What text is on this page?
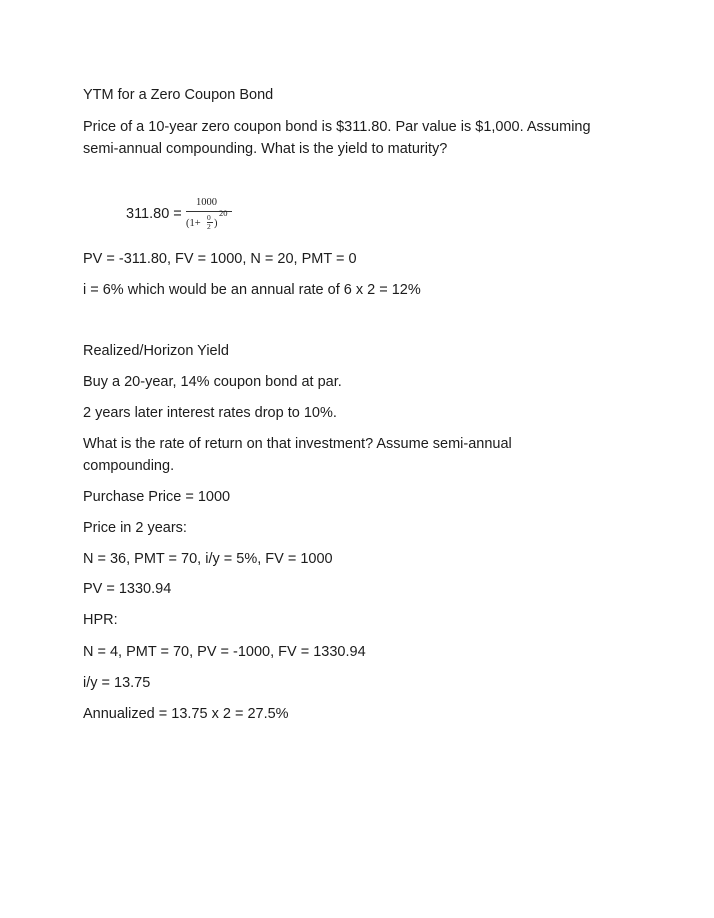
YTM for a Zero Coupon Bond

Price of a 10-year zero coupon bond is $311.80. Par value is $1,000. Assuming semi-annual compounding. What is the yield to maturity?

311.80 =
1000
(1+
0
2 )
20

PV = -311.80, FV = 1000, N = 20, PMT = 0

i = 6% which would be an annual rate of 6 x 2 = 12%

Realized/Horizon Yield

Buy a 20-year, 14% coupon bond at par.

2 years later interest rates drop to 10%.

What is the rate of return on that investment? Assume semi-annual compounding.

Purchase Price = 1000

Price in 2 years:

N = 36, PMT = 70, i/y = 5%, FV = 1000

PV = 1330.94

HPR:

N = 4, PMT = 70, PV = -1000, FV = 1330.94

i/y = 13.75

Annualized = 13.75 x 2 = 27.5%
